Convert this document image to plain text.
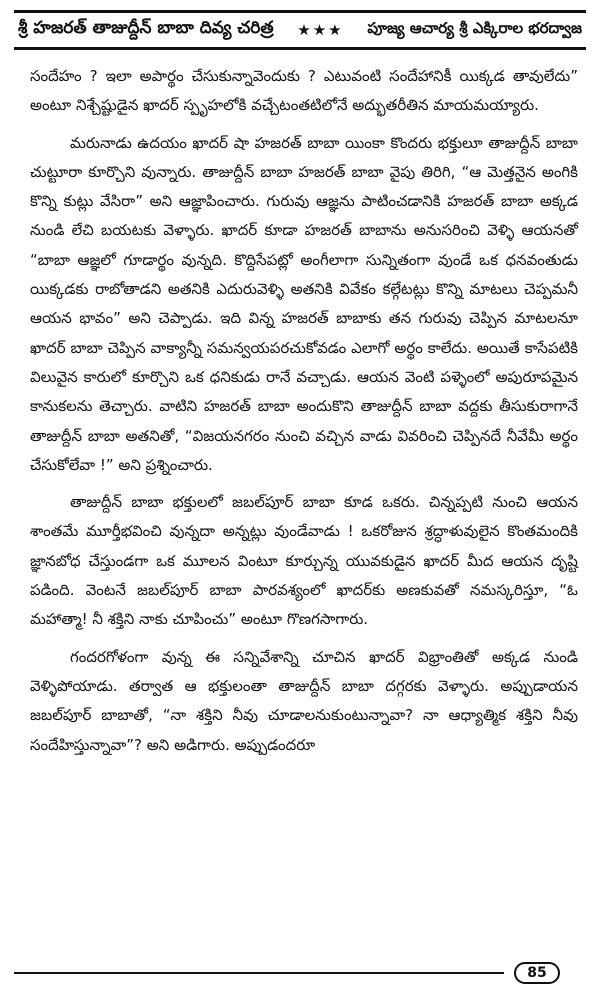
శ్రీ హజరత్ తాజుద్దీన్ బాబా దివ్య చరిత్ర ★★★ పూజ్య ఆచార్య శ్రీ ఎక్కిరాల భరద్వాజ

సందేహం ? ఇలా అపార్థం చేసుకున్నావెందుకు ? ఎటువంటి సందేహానికీ యిక్కడ తావులేదు” అంటూ నిశ్చేష్టుడైన ఖాదర్ స్పృహలోకి వచ్చేటంతటిలోనే అద్భుతరీతిన మాయమయ్యారు.

మరునాడు ఉదయం ఖాదర్ షా హజరత్ బాబా యింకా కొందరు భక్తులూ తాజుద్దీన్ బాబా చుట్టూరా కూర్చొని వున్నారు. తాజుద్దీన్ బాబా హజరత్ బాబా వైపు తిరిగి, “ఆ మెత్తనైన అంగికి కొన్ని కుట్లు వేసిరా” అని ఆజ్ఞాపించారు. గురువు ఆజ్ఞను పాటించడానికి హజరత్ బాబా అక్కడ నుండి లేచి బయటకు వెళ్ళారు. ఖాదర్ కూడా హజరత్ బాబాను అనుసరించి వెళ్ళి ఆయనతో “బాబా ఆజ్ఞలో గూడార్థం వున్నది. కొద్దిసేపట్లో అంగీలాగా సున్నితంగా వుండే ఒక ధనవంతుడు యిక్కడకు రాబోతాడని అతనికి ఎదురువెళ్ళి అతనికి వివేకం కల్గేటట్లు కొన్ని మాటలు చెప్పమనీ ఆయన భావం” అని చెప్పాడు. ఇది విన్న హజరత్ బాబాకు తన గురువు చెప్పిన మాటలనూ ఖాదర్ బాబా చెప్పిన వాక్యాన్నీ సమన్వయపరచుకోవడం ఎలాగో అర్థం కాలేదు. అయితే కాసేపటికి విలువైన కారులో కూర్చొని ఒక ధనికుడు రానే వచ్చాడు. ఆయన వెంటి పళ్ళెంలో అపురూపమైన కానుకలను తెచ్చారు. వాటిని హజరత్ బాబా అందుకొని తాజుద్దీన్ బాబా వద్దకు తీసుకురాగానే తాజుద్దీన్ బాబా అతనితో, “విజయనగరం నుంచి వచ్చిన వాడు వివరించి చెప్పినదే నీవేమీ అర్థం చేసుకోలేవా !” అని ప్రశ్నించారు.

తాజుద్దీన్ బాబా భక్తులలో జబల్‌పూర్ బాబా కూడ ఒకరు. చిన్నప్పటి నుంచి ఆయన శాంతమే మూర్తీభవించి వున్నదా అన్నట్లు వుండేవాడు ! ఒకరోజున శ్రద్ధాళువులైన కొంతమందికి జ్ఞానబోధ చేస్తుండగా ఒక మూలన వింటూ కూర్చున్న యువకుడైన ఖాదర్ మీద ఆయన దృష్టి పడింది. వెంటనే జబల్‌పూర్ బాబా పారవశ్యంలో ఖాదర్‌కు అణకువతో నమస్కరిస్తూ, “ఓ మహాత్మా! నీ శక్తిని నాకు చూపించు” అంటూ గొణగసాగారు.

గందరగోళంగా వున్న ఈ సన్నివేశాన్ని చూచిన ఖాదర్ విభ్రాంతితో అక్కడ నుండి వెళ్ళిపోయాడు. తర్వాత ఆ భక్తులంతా తాజుద్దీన్ బాబా దగ్గరకు వెళ్ళారు. అప్పుడాయన జబల్‌పూర్ బాబాతో, “నా శక్తిని నీవు చూడాలనుకుంటున్నావా? నా ఆధ్యాత్మిక శక్తిని నీవు సందేహిస్తున్నావా”? అని అడిగారు. అప్పుడందరూ

85
